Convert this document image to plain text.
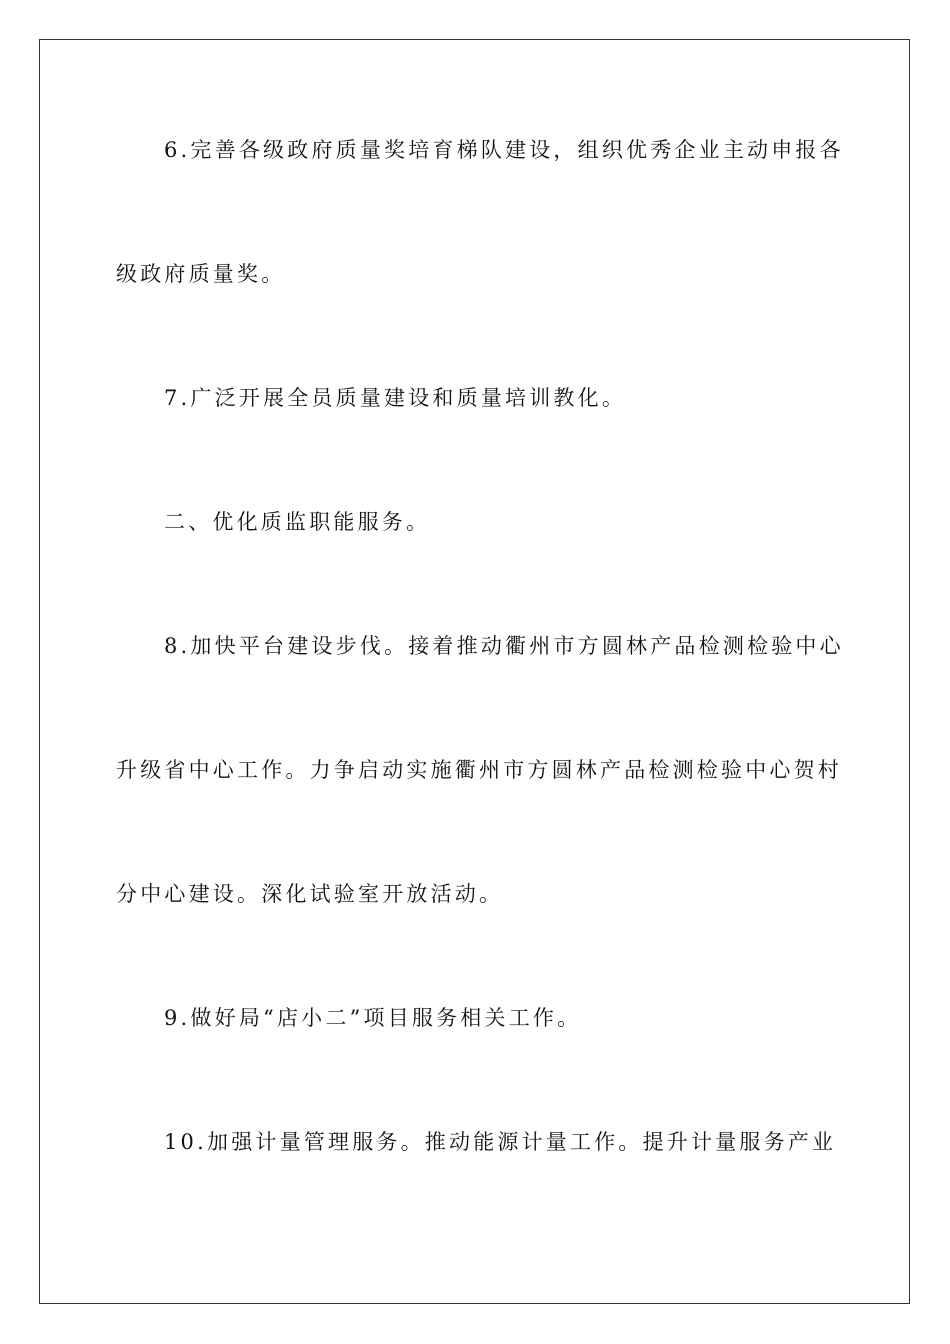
6.完善各级政府质量奖培育梯队建设，组织优秀企业主动申报各
级政府质量奖。
7.广泛开展全员质量建设和质量培训教化。
二、优化质监职能服务。
8.加快平台建设步伐。接着推动衢州市方圆林产品检测检验中心
升级省中心工作。力争启动实施衢州市方圆林产品检测检验中心贺村
分中心建设。深化试验室开放活动。
9.做好局“店小二”项目服务相关工作。
10.加强计量管理服务。推动能源计量工作。提升计量服务产业
